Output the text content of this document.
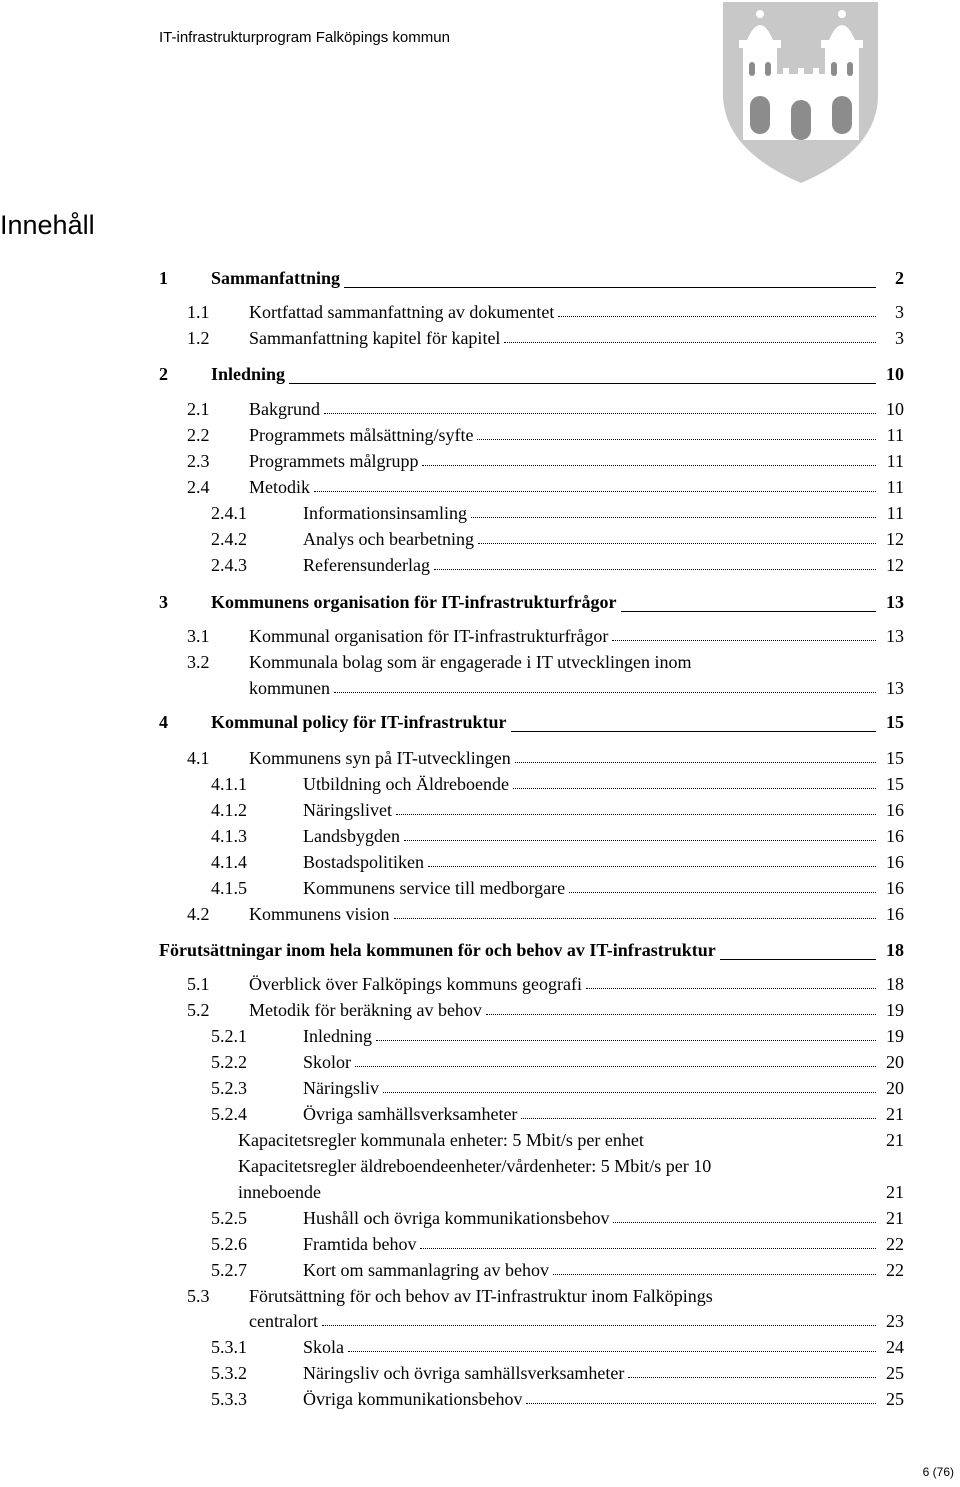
IT-infrastrukturprogram Falköpings kommun
Innehåll
1 Sammanfattning	2
1.1 Kortfattad sammanfattning av dokumentet	3
1.2 Sammanfattning kapitel för kapitel	3
2 Inledning	10
2.1 Bakgrund	10
2.2 Programmets målsättning/syfte	11
2.3 Programmets målgrupp	11
2.4 Metodik	11
2.4.1	Informationsinsamling	11
2.4.2	Analys och bearbetning	12
2.4.3	Referensunderlag	12
3 Kommunens organisation för IT-infrastrukturfrågor	13
3.1 Kommunal organisation för IT-infrastrukturfrågor	13
3.2 Kommunala bolag som är engagerade i IT utvecklingen inom
kommunen	13
4 Kommunal policy för IT-infrastruktur	15
4.1 Kommunens syn på IT-utvecklingen	15
4.1.1	Utbildning och Äldreboende	15
4.1.2	Näringslivet	16
4.1.3	Landsbygden	16
4.1.4	Bostadspolitiken	16
4.1.5	Kommunens service till medborgare	16
4.2 Kommunens vision	16
Förutsättningar inom hela kommunen för och behov av IT-infrastruktur	18
5.1 Överblick över Falköpings kommuns geografi	18
5.2 Metodik för beräkning av behov	19
5.2.1	Inledning	19
5.2.2	Skolor	20
5.2.3	Näringsliv	20
5.2.4	Övriga samhällsverksamheter	21
Kapacitetsregler kommunala enheter: 5 Mbit/s per enhet	21
Kapacitetsregler äldreboendeenheter/vårdenheter: 5 Mbit/s per 10
inneboende	21
5.2.5	Hushåll och övriga kommunikationsbehov	21
5.2.6	Framtida behov	22
5.2.7	Kort om sammanlagring av behov	22
5.3 Förutsättning för och behov av IT-infrastruktur inom Falköpings
centralort	23
5.3.1	Skola	24
5.3.2	Näringsliv och övriga samhällsverksamheter	25
5.3.3	Övriga kommunikationsbehov	25
6 (76)
